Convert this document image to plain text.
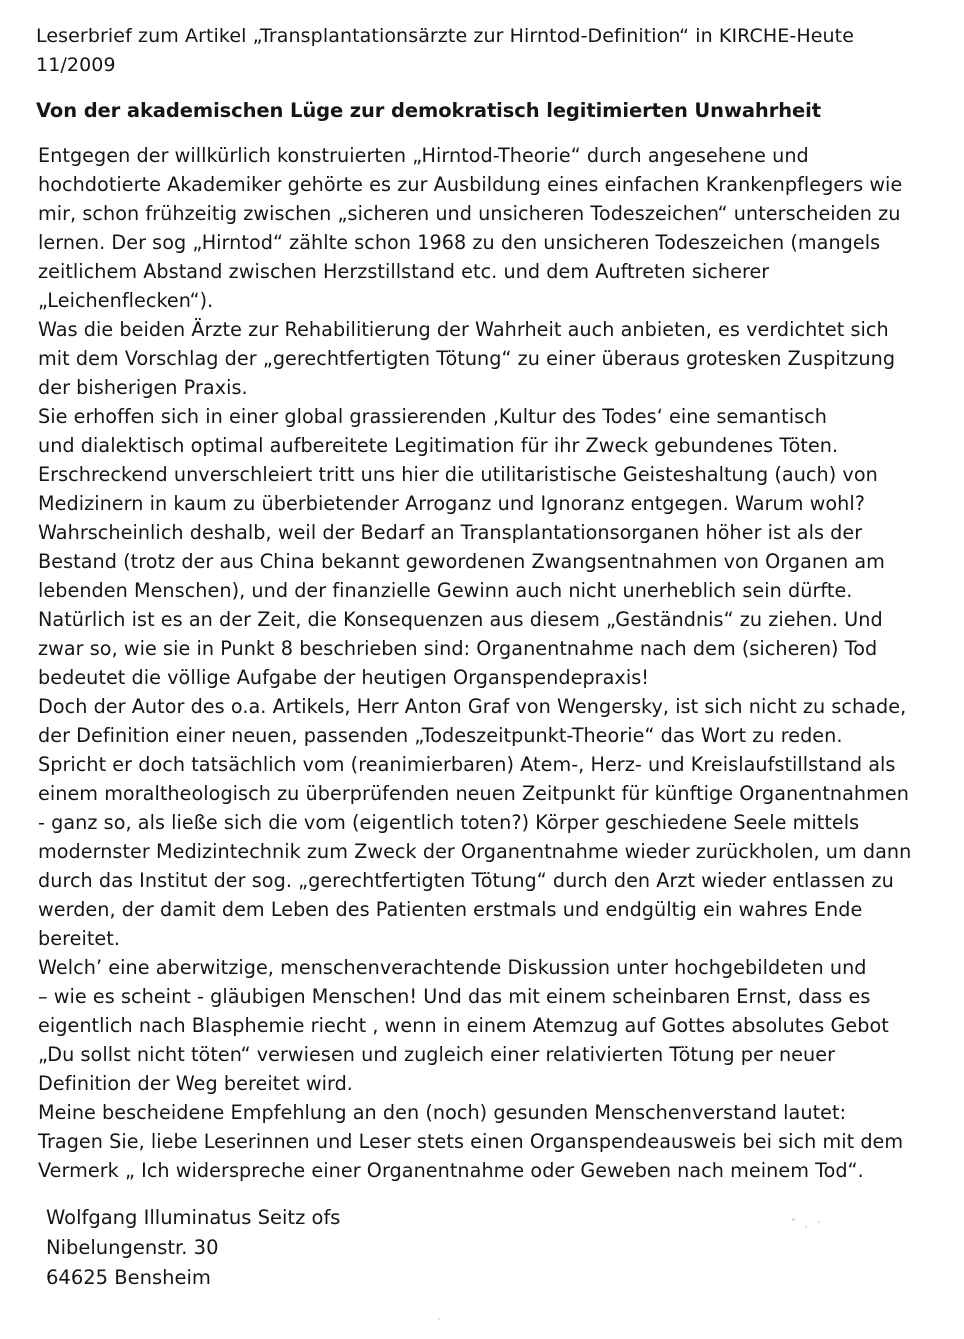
Leserbrief zum Artikel „Transplantationsärzte zur Hirntod-Definition“ in KIRCHE-Heute
11/2009
Von der akademischen Lüge zur demokratisch legitimierten Unwahrheit
Entgegen der willkürlich konstruierten „Hirntod-Theorie“ durch angesehene und
hochdotierte Akademiker gehörte es zur Ausbildung eines einfachen Krankenpflegers wie
mir, schon frühzeitig zwischen „sicheren und unsicheren Todeszeichen“ unterscheiden zu
lernen. Der sog „Hirntod“ zählte schon 1968 zu den unsicheren Todeszeichen (mangels
zeitlichem Abstand zwischen Herzstillstand etc. und dem Auftreten sicherer
„Leichenflecken“).
Was die beiden Ärzte zur Rehabilitierung der Wahrheit auch anbieten, es verdichtet sich
mit dem Vorschlag der „gerechtfertigten Tötung“ zu einer überaus grotesken Zuspitzung
der bisherigen Praxis.
Sie erhoffen sich in einer global grassierenden ‚Kultur des Todes‘ eine semantisch
und dialektisch optimal aufbereitete Legitimation für ihr Zweck gebundenes Töten.
Erschreckend unverschleiert tritt uns hier die utilitaristische Geisteshaltung (auch) von
Medizinern in kaum zu überbietender Arroganz und Ignoranz entgegen. Warum wohl?
Wahrscheinlich deshalb, weil der Bedarf an Transplantationsorganen höher ist als der
Bestand (trotz der aus China bekannt gewordenen Zwangsentnahmen von Organen am
lebenden Menschen), und der finanzielle Gewinn auch nicht unerheblich sein dürfte.
Natürlich ist es an der Zeit, die Konsequenzen aus diesem „Geständnis“ zu ziehen. Und
zwar so, wie sie in Punkt 8 beschrieben sind: Organentnahme nach dem (sicheren) Tod
bedeutet die völlige Aufgabe der heutigen Organspendepraxis!
Doch der Autor des o.a. Artikels, Herr Anton Graf von Wengersky, ist sich nicht zu schade,
der Definition einer neuen, passenden „Todeszeitpunkt-Theorie“ das Wort zu reden.
Spricht er doch tatsächlich vom (reanimierbaren) Atem-, Herz- und Kreislaufstillstand als
einem moraltheologisch zu überprüfenden neuen Zeitpunkt für künftige Organentnahmen
- ganz so, als ließe sich die vom (eigentlich toten?) Körper geschiedene Seele mittels
modernster Medizintechnik zum Zweck der Organentnahme wieder zurückholen, um dann
durch das Institut der sog. „gerechtfertigten Tötung“ durch den Arzt wieder entlassen zu
werden, der damit dem Leben des Patienten erstmals und endgültig ein wahres Ende
bereitet.
Welch’ eine aberwitzige, menschenverachtende Diskussion unter hochgebildeten und
– wie es scheint - gläubigen Menschen! Und das mit einem scheinbaren Ernst, dass es
eigentlich nach Blasphemie riecht , wenn in einem Atemzug auf Gottes absolutes Gebot
„Du sollst nicht töten“ verwiesen und zugleich einer relativierten Tötung per neuer
Definition der Weg bereitet wird.
Meine bescheidene Empfehlung an den (noch) gesunden Menschenverstand lautet:
Tragen Sie, liebe Leserinnen und Leser stets einen Organspendeausweis bei sich mit dem
Vermerk „ Ich widerspreche einer Organentnahme oder Geweben nach meinem Tod“.
Wolfgang Illuminatus Seitz ofs
Nibelungenstr. 30
64625 Bensheim
